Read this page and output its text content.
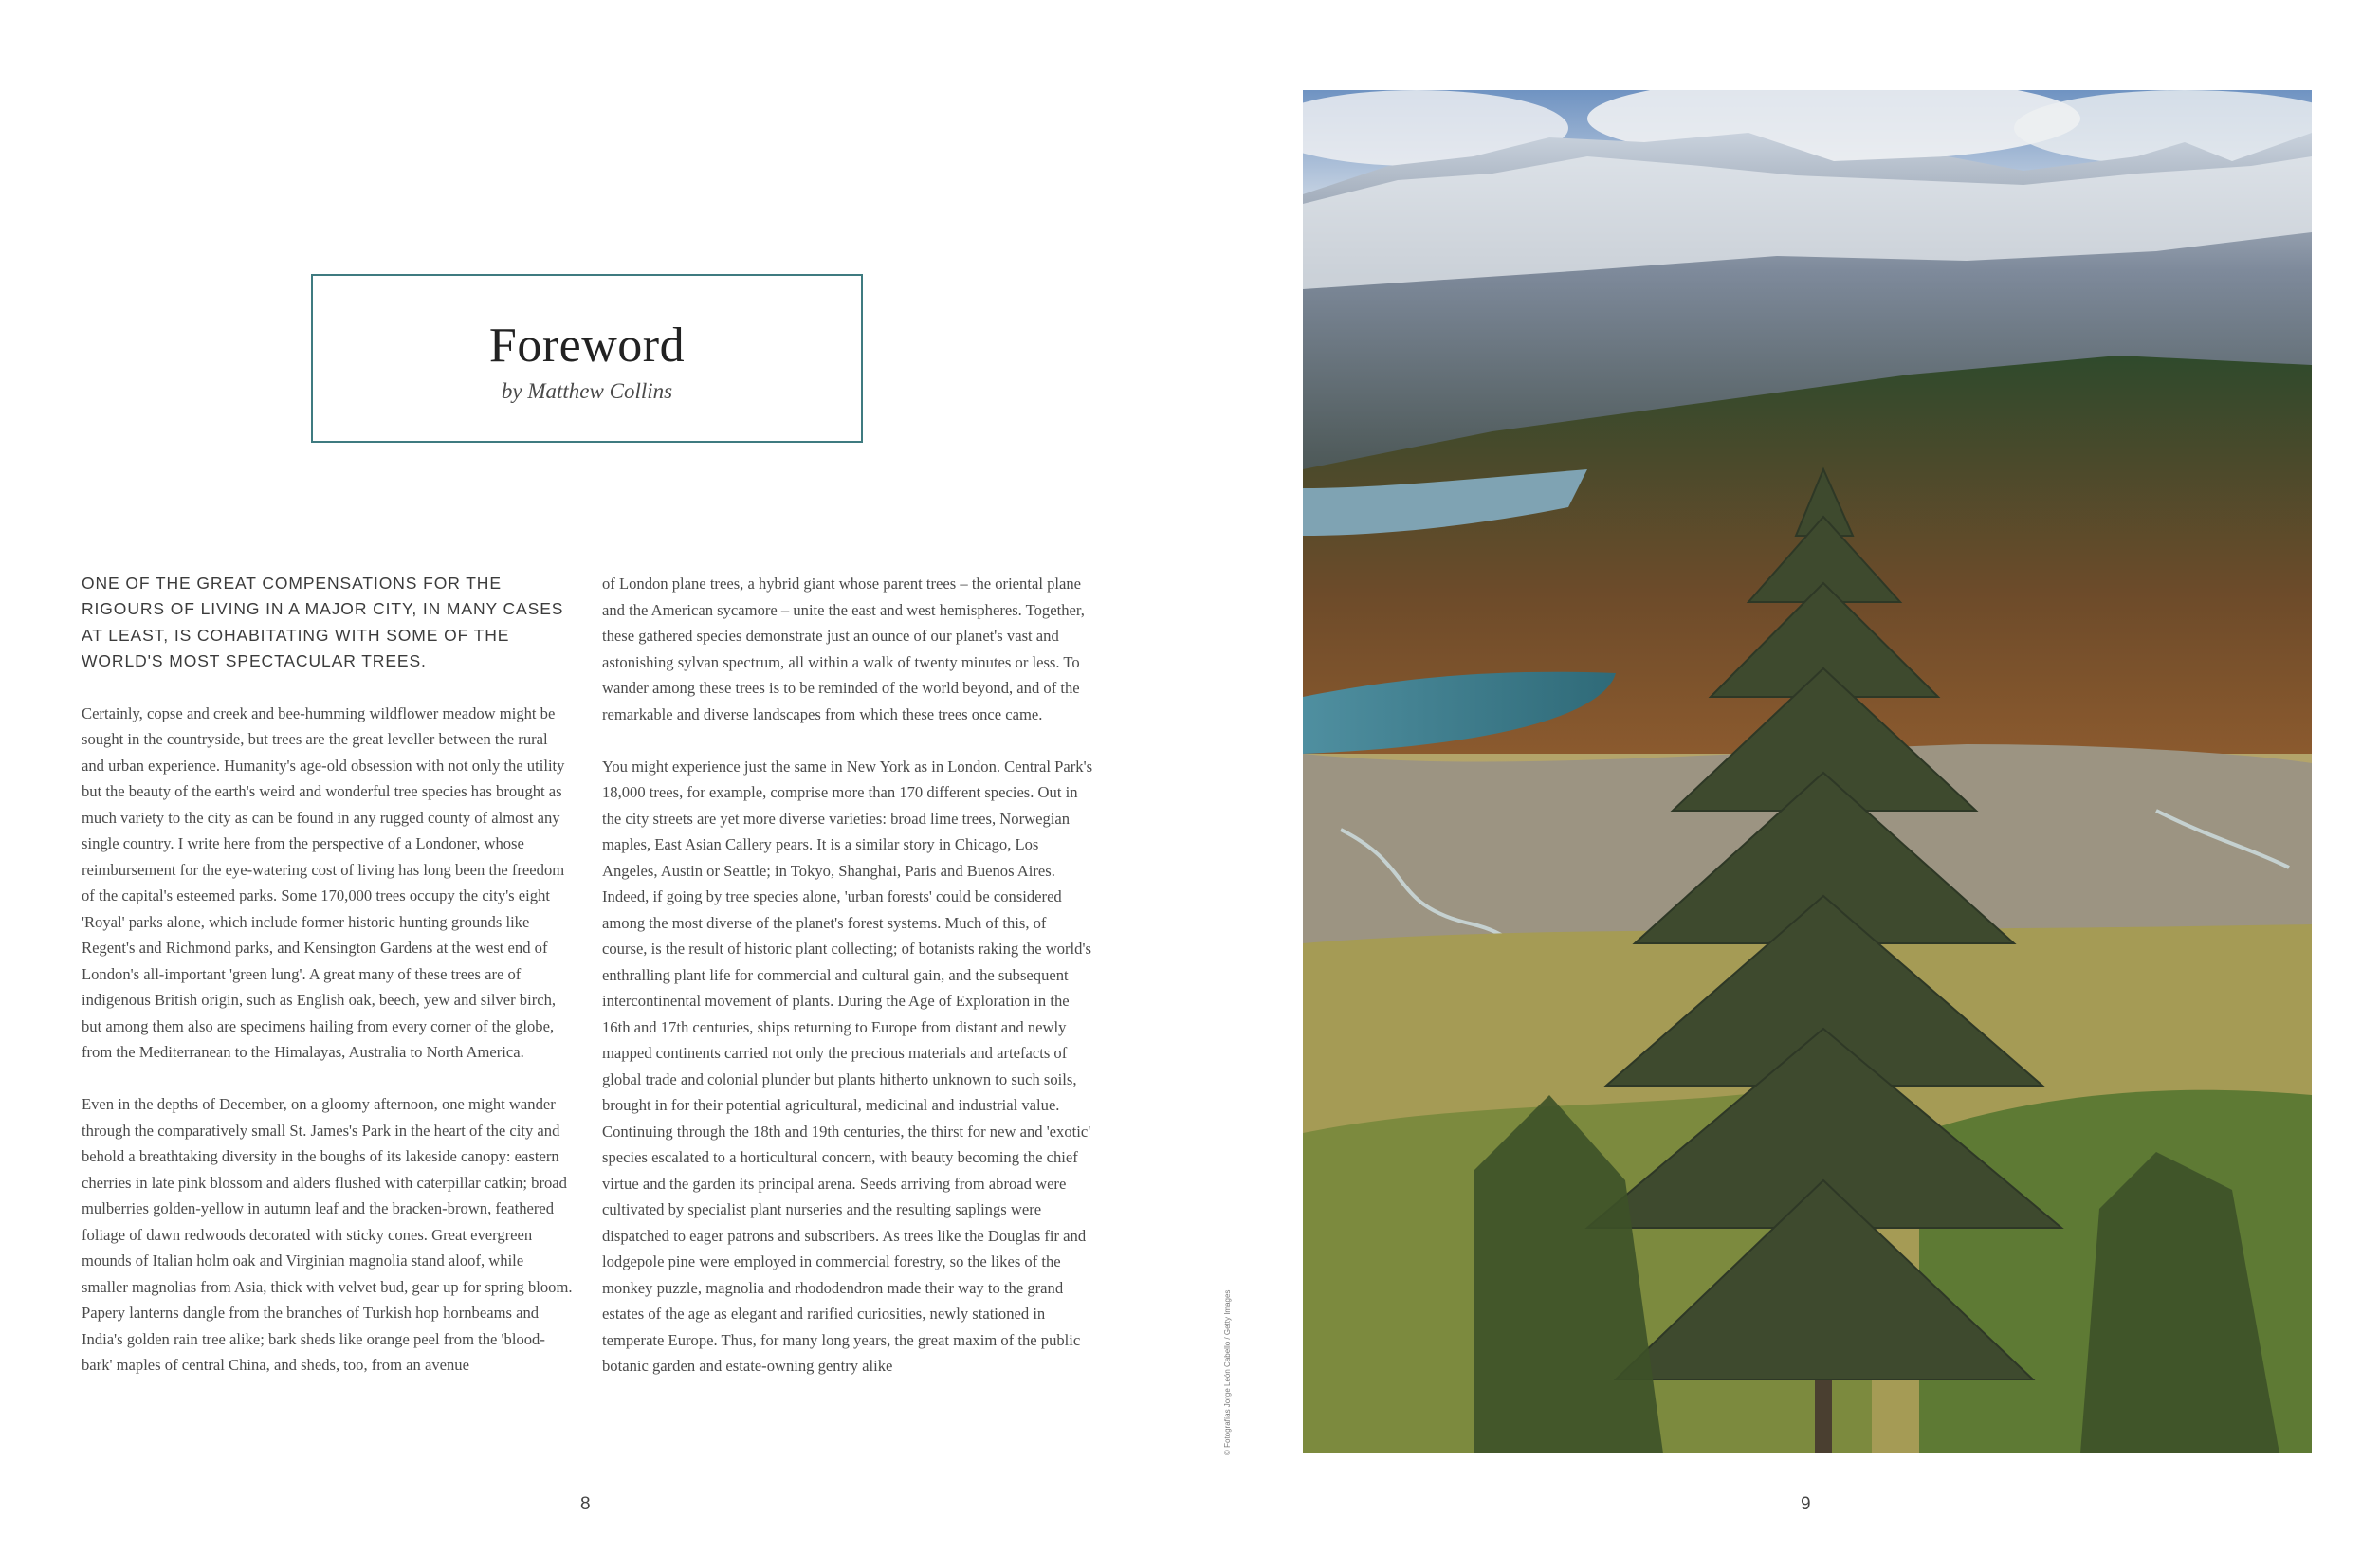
Foreword
by Matthew Collins

ONE OF THE GREAT COMPENSATIONS FOR THE RIGOURS OF LIVING IN A MAJOR CITY, IN MANY CASES AT LEAST, IS COHABITATING WITH SOME OF THE WORLD'S MOST SPECTACULAR TREES.

Certainly, copse and creek and bee-humming wildflower meadow might be sought in the countryside, but trees are the great leveller between the rural and urban experience. Humanity's age-old obsession with not only the utility but the beauty of the earth's weird and wonderful tree species has brought as much variety to the city as can be found in any rugged county of almost any single country. I write here from the perspective of a Londoner, whose reimbursement for the eye-watering cost of living has long been the freedom of the capital's esteemed parks. Some 170,000 trees occupy the city's eight 'Royal' parks alone, which include former historic hunting grounds like Regent's and Richmond parks, and Kensington Gardens at the west end of London's all-important 'green lung'. A great many of these trees are of indigenous British origin, such as English oak, beech, yew and silver birch, but among them also are specimens hailing from every corner of the globe, from the Mediterranean to the Himalayas, Australia to North America.

Even in the depths of December, on a gloomy afternoon, one might wander through the comparatively small St. James's Park in the heart of the city and behold a breathtaking diversity in the boughs of its lakeside canopy: eastern cherries in late pink blossom and alders flushed with caterpillar catkin; broad mulberries golden-yellow in autumn leaf and the bracken-brown, feathered foliage of dawn redwoods decorated with sticky cones. Great evergreen mounds of Italian holm oak and Virginian magnolia stand aloof, while smaller magnolias from Asia, thick with velvet bud, gear up for spring bloom. Papery lanterns dangle from the branches of Turkish hop hornbeams and India's golden rain tree alike; bark sheds like orange peel from the 'blood-bark' maples of central China, and sheds, too, from an avenue

of London plane trees, a hybrid giant whose parent trees – the oriental plane and the American sycamore – unite the east and west hemispheres. Together, these gathered species demonstrate just an ounce of our planet's vast and astonishing sylvan spectrum, all within a walk of twenty minutes or less. To wander among these trees is to be reminded of the world beyond, and of the remarkable and diverse landscapes from which these trees once came.

You might experience just the same in New York as in London. Central Park's 18,000 trees, for example, comprise more than 170 different species. Out in the city streets are yet more diverse varieties: broad lime trees, Norwegian maples, East Asian Callery pears. It is a similar story in Chicago, Los Angeles, Austin or Seattle; in Tokyo, Shanghai, Paris and Buenos Aires. Indeed, if going by tree species alone, 'urban forests' could be considered among the most diverse of the planet's forest systems. Much of this, of course, is the result of historic plant collecting; of botanists raking the world's enthralling plant life for commercial and cultural gain, and the subsequent intercontinental movement of plants. During the Age of Exploration in the 16th and 17th centuries, ships returning to Europe from distant and newly mapped continents carried not only the precious materials and artefacts of global trade and colonial plunder but plants hitherto unknown to such soils, brought in for their potential agricultural, medicinal and industrial value. Continuing through the 18th and 19th centuries, the thirst for new and 'exotic' species escalated to a horticultural concern, with beauty becoming the chief virtue and the garden its principal arena. Seeds arriving from abroad were cultivated by specialist plant nurseries and the resulting saplings were dispatched to eager patrons and subscribers. As trees like the Douglas fir and lodgepole pine were employed in commercial forestry, so the likes of the monkey puzzle, magnolia and rhododendron made their way to the grand estates of the age as elegant and rarified curiosities, newly stationed in temperate Europe. Thus, for many long years, the great maxim of the public botanic garden and estate-owning gentry alike	© Fotografías Jorge León Cabello / Getty Images
8	9
